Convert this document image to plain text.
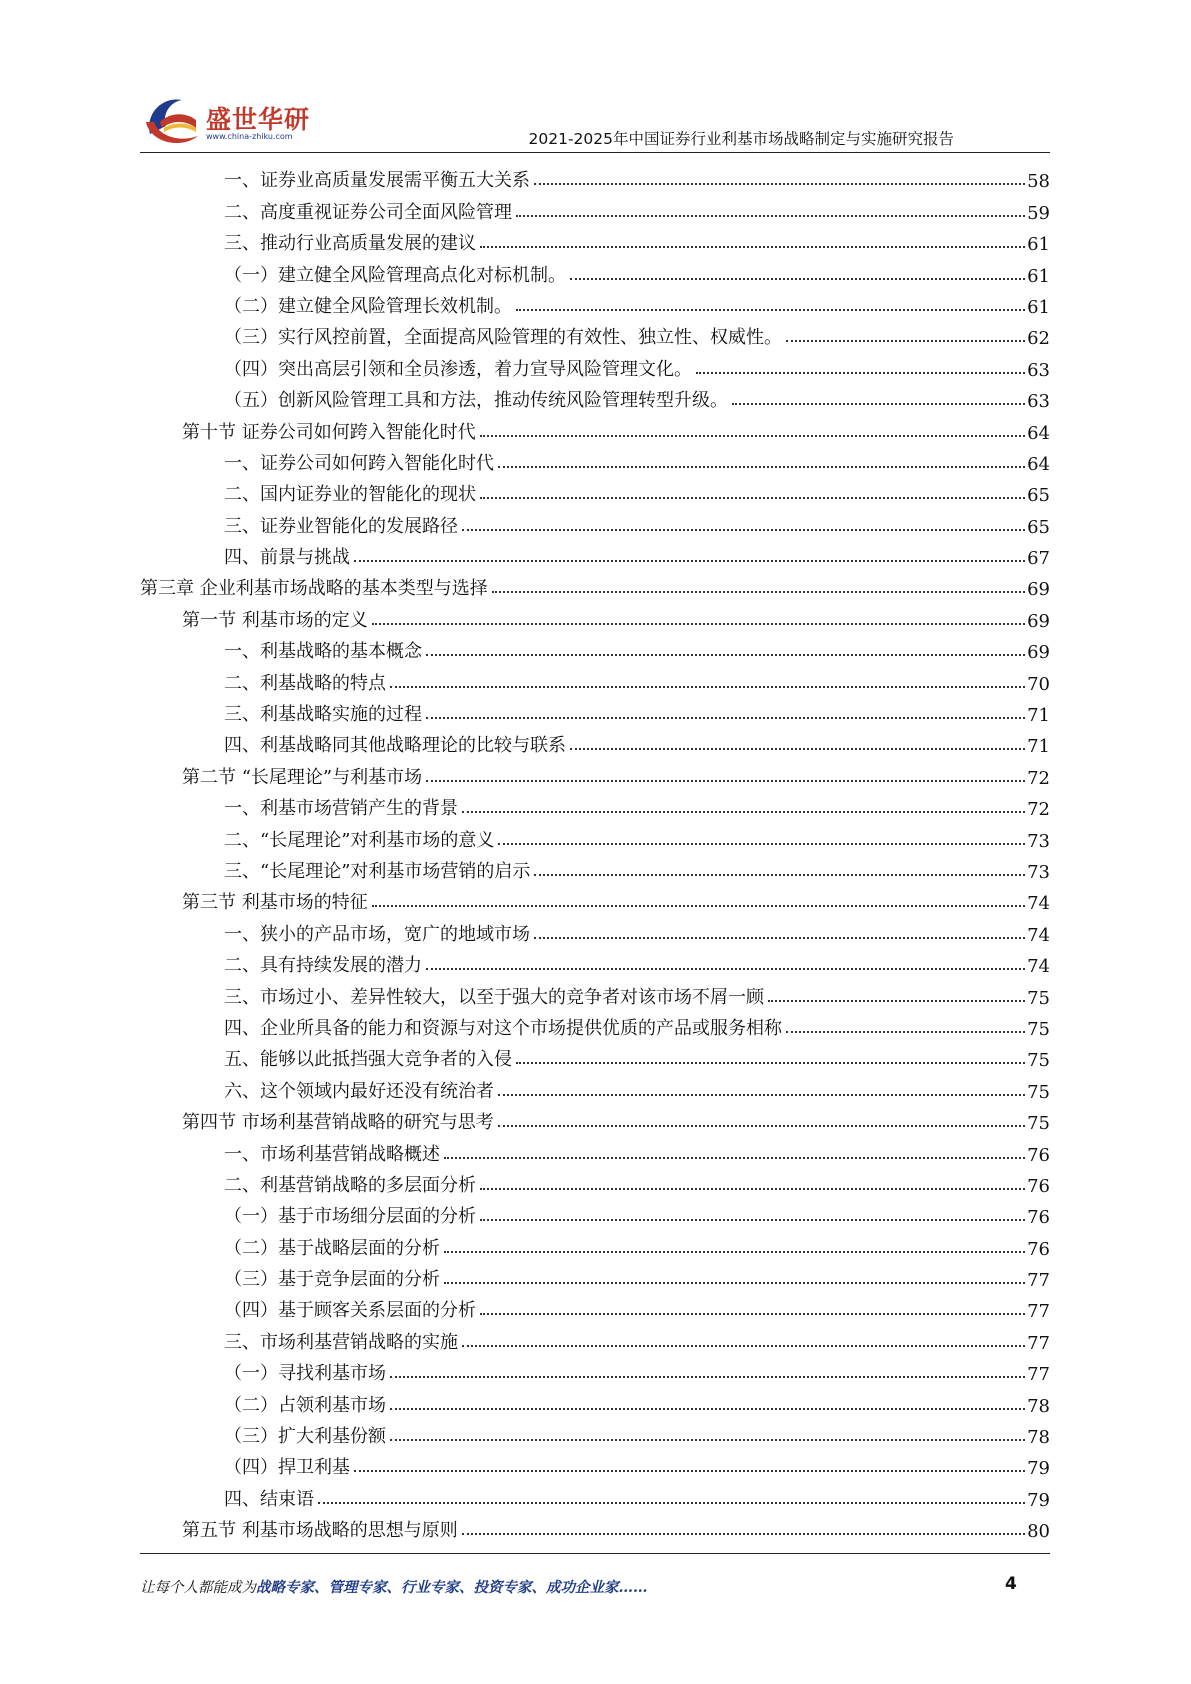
盛世华研
www.china-zhiku.com	2021-2025年中国证券行业利基市场战略制定与实施研究报告
一、证券业高质量发展需平衡五大关系	58
二、高度重视证券公司全面风险管理	59
三、推动行业高质量发展的建议	61
（一）建立健全风险管理高点化对标机制。	61
（二）建立健全风险管理长效机制。	61
（三）实行风控前置，全面提高风险管理的有效性、独立性、权威性。	62
（四）突出高层引领和全员渗透，着力宣导风险管理文化。	63
（五）创新风险管理工具和方法，推动传统风险管理转型升级。	63
第十节 证券公司如何跨入智能化时代	64
一、证券公司如何跨入智能化时代	64
二、国内证券业的智能化的现状	65
三、证券业智能化的发展路径	65
四、前景与挑战	67
第三章 企业利基市场战略的基本类型与选择	69
第一节 利基市场的定义	69
一、利基战略的基本概念	69
二、利基战略的特点	70
三、利基战略实施的过程	71
四、利基战略同其他战略理论的比较与联系	71
第二节 “长尾理论”与利基市场	72
一、利基市场营销产生的背景	72
二、“长尾理论”对利基市场的意义	73
三、“长尾理论”对利基市场营销的启示	73
第三节 利基市场的特征	74
一、狭小的产品市场，宽广的地域市场	74
二、具有持续发展的潜力	74
三、市场过小、差异性较大，以至于强大的竞争者对该市场不屑一顾	75
四、企业所具备的能力和资源与对这个市场提供优质的产品或服务相称	75
五、能够以此抵挡强大竞争者的入侵	75
六、这个领域内最好还没有统治者	75
第四节 市场利基营销战略的研究与思考	75
一、市场利基营销战略概述	76
二、利基营销战略的多层面分析	76
（一）基于市场细分层面的分析	76
（二）基于战略层面的分析	76
（三）基于竞争层面的分析	77
（四）基于顾客关系层面的分析	77
三、市场利基营销战略的实施	77
（一）寻找利基市场	77
（二）占领利基市场	78
（三）扩大利基份额	78
（四）捍卫利基	79
四、结束语	79
第五节 利基市场战略的思想与原则	80
让每个人都能成为战略专家、管理专家、行业专家、投资专家、成功企业家……	4
